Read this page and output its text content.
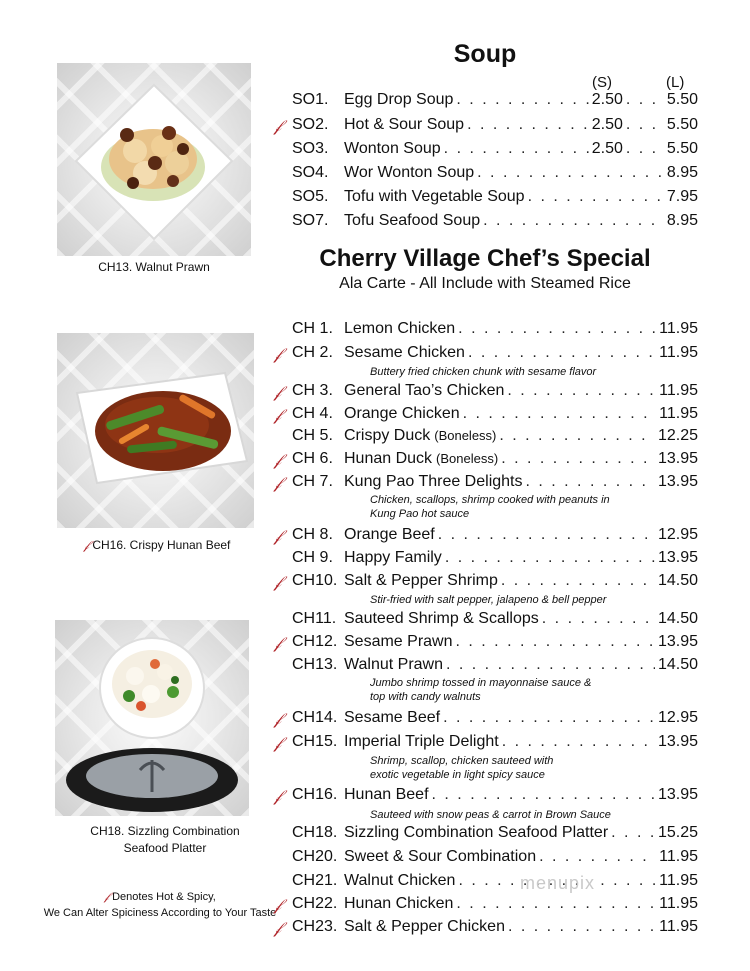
CH13. Walnut Prawn
𝒻 CH16. Crispy Hunan Beef
CH18. Sizzling Combination
Seafood Platter
𝒻 Denotes Hot & Spicy,
We Can Alter Spiciness According to Your Taste
Soup
(S)	(L)
SO1. Egg Drop Soup . . .	2.50 . . .	5.50
𝒻 SO2. Hot & Sour Soup . . .	2.50 . . .	5.50
SO3. Wonton Soup . . .	2.50 . . .	5.50
SO4. Wor Wonton Soup . . .	8.95
SO5. Tofu with Vegetable Soup . . .	7.95
SO7. Tofu Seafood Soup . . .	8.95
Cherry Village Chef’s Special
Ala Carte - All Include with Steamed Rice
CH 1. Lemon Chicken . . .	11.95
𝒻 CH 2. Sesame Chicken . . .	11.95
Buttery fried chicken chunk with sesame flavor
𝒻 CH 3. General Tao’s Chicken . . .	11.95
𝒻 CH 4. Orange Chicken . . .	11.95
CH 5. Crispy Duck (Boneless) . . .	12.25
𝒻 CH 6. Hunan Duck (Boneless) . . .	13.95
𝒻 CH 7. Kung Pao Three Delights . . .	13.95
Chicken, scallops, shrimp cooked with peanuts in
Kung Pao hot sauce
𝒻 CH 8. Orange Beef . . .	12.95
CH 9. Happy Family . . .	13.95
𝒻 CH10. Salt & Pepper Shrimp . . .	14.50
Stir-fried with salt pepper, jalapeno & bell pepper
CH11. Sauteed Shrimp & Scallops . . .	14.50
𝒻 CH12. Sesame Prawn . . .	13.95
CH13. Walnut Prawn . . .	14.50
Jumbo shrimp tossed in mayonnaise sauce &
top with candy walnuts
𝒻 CH14. Sesame Beef . . .	12.95
𝒻 CH15. Imperial Triple Delight . . .	13.95
Shrimp, scallop, chicken sauteed with
exotic vegetable in light spicy sauce
𝒻 CH16. Hunan Beef . . .	13.95
Sauteed with snow peas & carrot in Brown Sauce
CH18. Sizzling Combination Seafood Platter . . .	15.25
CH20. Sweet & Sour Combination . . .	11.95
CH21. Walnut Chicken . . .	11.95
𝒻 CH22. Hunan Chicken . . .	11.95
𝒻 CH23. Salt & Pepper Chicken . . .	11.95
menupix
